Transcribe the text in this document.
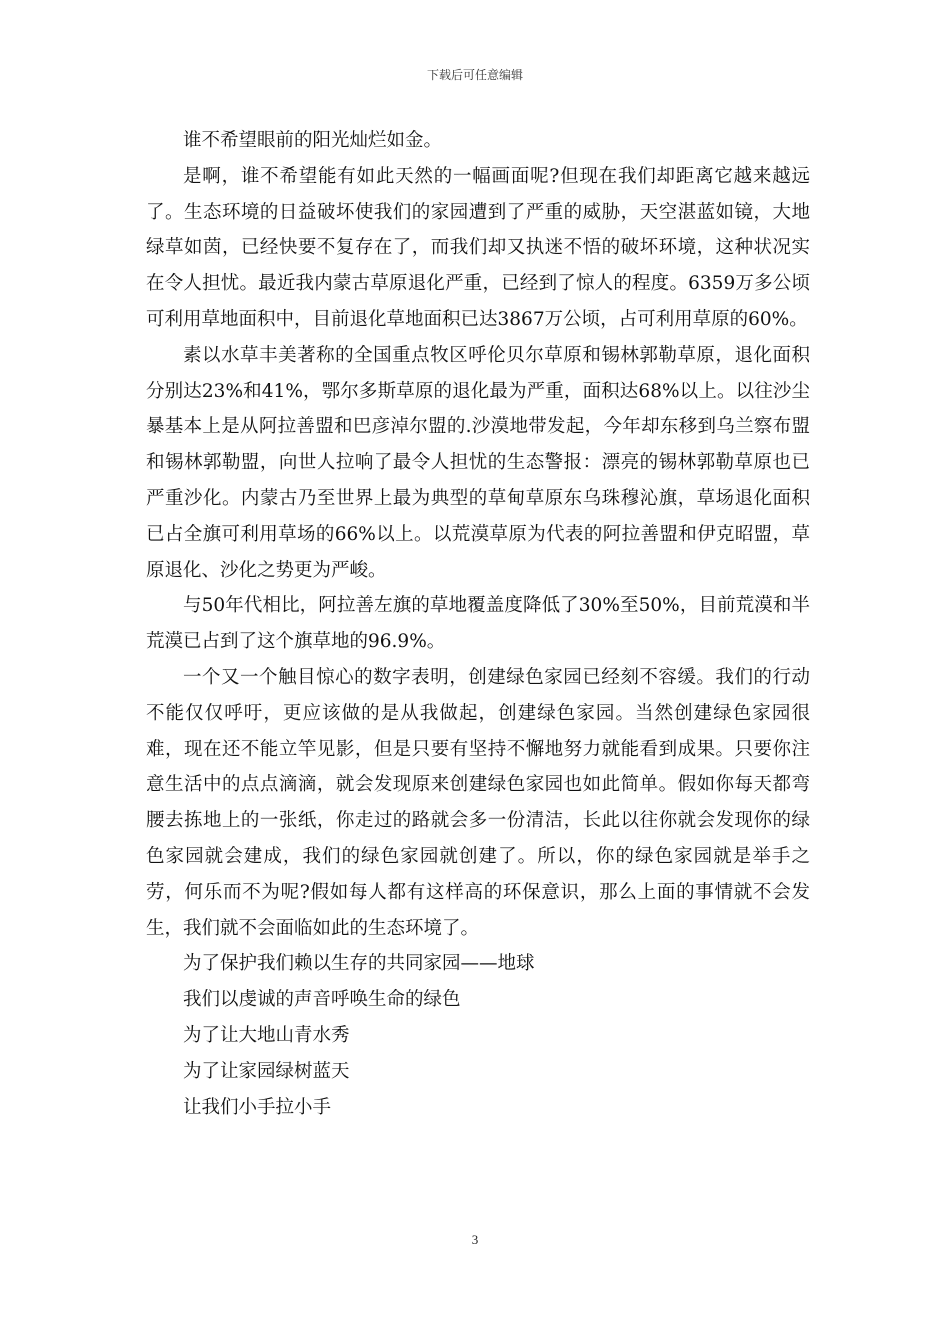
下载后可任意编辑

谁不希望眼前的阳光灿烂如金。

是啊，谁不希望能有如此天然的一幅画面呢?但现在我们却距离它越来越远了。生态环境的日益破坏使我们的家园遭到了严重的威胁，天空湛蓝如镜，大地绿草如茵，已经快要不复存在了，而我们却又执迷不悟的破坏环境，这种状况实在令人担忧。最近我内蒙古草原退化严重，已经到了惊人的程度。6359万多公顷可利用草地面积中，目前退化草地面积已达3867万公顷，占可利用草原的60%。

素以水草丰美著称的全国重点牧区呼伦贝尔草原和锡林郭勒草原，退化面积分别达23%和41%，鄂尔多斯草原的退化最为严重，面积达68%以上。以往沙尘暴基本上是从阿拉善盟和巴彦淖尔盟的.沙漠地带发起，今年却东移到乌兰察布盟和锡林郭勒盟，向世人拉响了最令人担忧的生态警报：漂亮的锡林郭勒草原也已严重沙化。内蒙古乃至世界上最为典型的草甸草原东乌珠穆沁旗，草场退化面积已占全旗可利用草场的66%以上。以荒漠草原为代表的阿拉善盟和伊克昭盟，草原退化、沙化之势更为严峻。

与50年代相比，阿拉善左旗的草地覆盖度降低了30%至50%，目前荒漠和半荒漠已占到了这个旗草地的96.9%。

一个又一个触目惊心的数字表明，创建绿色家园已经刻不容缓。我们的行动不能仅仅呼吁，更应该做的是从我做起，创建绿色家园。当然创建绿色家园很难，现在还不能立竿见影，但是只要有坚持不懈地努力就能看到成果。只要你注意生活中的点点滴滴，就会发现原来创建绿色家园也如此简单。假如你每天都弯腰去拣地上的一张纸，你走过的路就会多一份清洁，长此以往你就会发现你的绿色家园就会建成，我们的绿色家园就创建了。所以，你的绿色家园就是举手之劳，何乐而不为呢?假如每人都有这样高的环保意识，那么上面的事情就不会发生，我们就不会面临如此的生态环境了。

为了保护我们赖以生存的共同家园——地球

我们以虔诚的声音呼唤生命的绿色

为了让大地山青水秀

为了让家园绿树蓝天

让我们小手拉小手

3
